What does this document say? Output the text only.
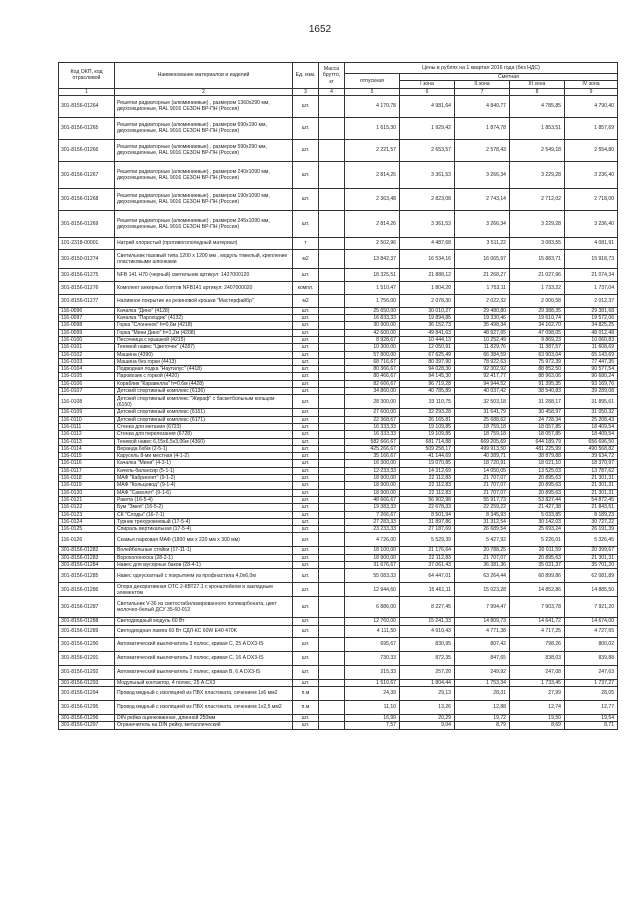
1652
Код ОКП, код отраслевой	Наименование материалов и изделий	Ед. изм.	Масса брутто, кг	Цены в рублях на 1 квартал 2016 года (без НДС)				
				отпускная	Сметная			
					I зона	II зона	III зона	IV зона
1	2	3	4	5	6	7	8	9
301-8156-01264	Решетки радиаторные (алюминиевые) , размером 1360х290 мм, двухсекционные, RAL 9016 СЕЗОН ВР-ПН (Россия)	шт.		4 170,78	4 981,64	4 840,77	4 785,85	4 790,40
301-8156-01265	Решетки радиаторные (алюминиевые) , размером 690х190 мм, двухсекционные, RAL 9016 СЕЗОН ВР-ПН (Россия)	шт.		1 615,30	1 929,42	1 874,78	1 853,51	1 857,69
301-8156-01266	Решетки радиаторные (алюминиевые) , размером 590х290 мм, двухсекционные, RAL 9016 СЕЗОН ВР-ПН (Россия)	шт.		2 221,57	2 653,57	2 578,43	2 549,18	2 554,80
301-8156-01267	Решетки радиаторные (алюминиевые) , размером 240х1090 мм, двухсекционные, RAL 9016 СЕЗОН ВР-ПН (Россия)	шт.		2 814,26	3 361,53	3 266,34	3 229,28	3 236,40
301-8156-01268	Решетки радиаторные (алюминиевые) , размером 190х1090 мм, двухсекционные, RAL 9016 СЕЗОН ВР-ПН (Россия)	шт.		2 363,48	2 823,08	2 743,14	2 712,02	2 718,00
301-8156-01269	Решетки радиаторные (алюминиевые) , размером 245х1090 мм, двухсекционные, RAL 9016 СЕЗОН ВР-ПН (Россия)	шт.		2 814,26	3 361,53	3 266,34	3 229,28	3 236,40
101-2318-00001	Натрий хлористый (противогололедный материал)	т		2 502,96	4 487,68	3 511,22	3 083,55	4 081,91
301-8150-01274	Светильник пазовый типа 1200 х 1200 мм , модуль тяжелый, крепление пластиковыми шпонками	м2		13 842,37	16 534,16	16 065,97	15 883,71	15 918,73
301-8156-01275	NFB 141 H70 (черный) светильник артикул: 1427000120	шт.		18 325,51	21 888,12	21 268,27	21 027,96	21 074,34
301-8156-01276	Комплект анкерных болтов NFB141 артикул: 2407000020	компл.		1 510,47	1 804,20	1 753,11	1 733,22	1 737,04
301-8156-01277	Наливное покрытие из резиновой крошки "Мастерфайбр"	м2		1 756,00	2 078,30	2 022,32	2 000,58	2 012,37
116-0096	Качалка "Дино" (4128)	шт.		25 650,00	30 010,27	29 480,80	29 388,35	29 381,68
116-0097	Качалка "Пароходик" (4132)	шт.		16 833,33	19 894,85	19 330,46	19 610,74	19 572,06
116-0098	Горка "Слоненок" h=0,6м (4218)	шт.		30 900,00	36 152,73	35 498,34	34 162,70	34 825,25
116-0099	Горка "Мини Дино" h=1,2м (4208)	шт.		42 600,00	49 841,63	48 927,65	47 098,05	48 012,48
116-0100	Песочница с крышкой (4215)	шт.		8 928,67	10 444,13	10 252,49	9 869,23	10 060,83
116-0101	Теневой навес "Цветочек" (4287)	шт.		10 300,00	12 050,91	11 829,76	11 387,57	11 608,69
116-0102	Машина (4390)	шт.		57 800,00	67 625,49	66 384,59	63 903,04	65 143,69
116-0103	Машина без горки (4413)	шт.		68 716,67	80 397,90	78 922,63	75 972,39	77 447,35
116-0104	Подводная лодка "Наутилус" (4418)	шт.		80 366,67	94 028,30	92 302,92	88 852,50	90 577,54
116-0105	Паровозик с горкой (4420)	шт.		80 466,67	94 145,30	92 417,77	88 963,06	90 680,24
116-0106	Кораблик "Каравелла" h=0,6м (4428)	шт.		82 666,67	96 719,28	94 944,52	91 395,35	93 169,76
116-0107	Детский спортивный комплекс (6136)	шт.		34 860,00	40 785,89	40 037,42	38 540,83	39 289,08
116-0108	Детский спортивный комплекс "Жираф" с баскетбольным кольцом (6150)	шт.		28 300,00	33 110,75	32 503,18	31 288,17	31 895,61
116-0109	Детский спортивный комплекс (6151)	шт.		27 600,00	32 293,28	31 641,79	30 458,97	31 050,32
116-0110	Детский спортивный комплекс (6171)	шт.		22 368,67	26 165,81	25 688,62	24 728,34	25 208,43
116-0111	Стенка для метания (6723)	шт.		16 333,33	19 109,85	18 759,18	18 057,85	18 409,54
116-0112	Стенка для перелезания (6728)	шт.		16 333,33	19 109,85	18 759,18	18 057,85	18 409,54
116-0113	Теневой навес 6,15х6,5х3,06м (4360)	шт.		582 666,67	681 714,88	669 205,69	644 189,79	656 696,50
116-0114	Веранда 6х6м (2-5-1)	шт.		425 266,67	509 258,17	499 913,50	481 225,99	490 568,82
116-0115	Карусель 8-ми местная (4-1-2)	шт.		35 166,67	41 144,69	40 389,71	38 879,88	39 634,72
116-0116	Качалка "Мини" (4-3-1)	шт.		16 300,00	19 070,85	18 720,91	18 021,10	18 370,97
116-0117	Качель-балансир (5-1-1)	шт.		12 233,33	14 312,69	14 050,05	13 525,03	13 787,62
116-0118	МАФ "Кабриолет" (9-1-2)	шт.		18 900,00	22 112,83	21 707,07	20 895,63	21 301,31
116-0119	МАФ "Кольцовод" (9-1-4)	шт.		18 900,00	22 112,83	21 707,07	20 895,63	21 301,31
116-0120	МАФ "Самолет" (9-1-6)	шт.		18 900,00	22 112,83	21 707,07	20 895,63	21 301,31
116-0121	Ракета (16-5-4)	шт.		48 666,67	56 902,98	55 917,73	53 827,44	54 872,45
116-0122	Бум "Змея" (16-5-2)	шт.		19 383,33	22 678,33	22 259,22	21 427,38	21 843,51
116-0123	СК "Слоды" (16-7-1)	шт.		7 266,67	8 501,94	8 345,93	5 033,85	8 189,23
116-0124	Турник трехуровневый (17-5-4)	шт.		27 283,33	31 897,86	31 312,54	30 142,03	30 727,22
116-0125	Спираль вертикальная (17-5-4)	шт.		23 233,33	27 187,69	26 689,54	25 693,24	26 191,39
116-0126	Скамья парковая МАФ (1800 мм х 220 мм х 300 мм)	шт.		4 726,00	5 529,39	5 427,92	5 226,01	5 326,45
301-8156-01282	Волейбольные стойки (17-11-1)	шт.		18 100,00	21 176,64	20 788,25	20 011,59	20 399,67
301-8156-01283	Ворохолоноска (28-2-1)	шт.		18 900,00	22 112,83	21 707,07	20 895,63	21 301,31
301-8156-01284	Навес для мусорных баков (28-4-1)	шт.		31 676,67	37 061,43	36 381,36	35 021,37	35 701,20
301-8156-01285	Навес однускатный с покрытием из профнастила 4,0х6,0м	шт.		55 083,33	64 447,01	63 264,44	60 899,86	62 081,89
301-8156-01286	Опора декоративная ОТС 2-КВТ27.1 с кронштейном и закладным элементом	шт.		12 944,60	15 461,11	15 023,28	14 852,86	14 885,50
301-8156-01287	Светильник V-36 из светостабилизированного поликарбоната, цвет молочно-белый ДСУ 35-60-012	шт.		6 886,00	8 227,45	7 994,47	7 903,78	7 921,20
301-8156-01288	Светодиодный модуль 60 Вт	шт.		12 760,00	15 241,33	14 809,73	14 641,72	14 674,00
301-8156-01289	Светодиодная лампа 60 Вт СДЛ-КС 60W E40 470K	шт.		4 111,50	4 910,43	4 771,38	4 717,25	4 727,65
301-8156-01290	Автоматический выключатель 3 полюс, кривая С, 25 A DX3-IS	шт.		695,67	830,95	807,42	798,26	800,02
301-8156-01291	Автоматический выключатель 3 полюс, кривая С, 16 A DX3-IS	шт.		730,33	872,35	847,65	838,03	839,88
301-8156-01292	Автоматический выключатель 1 полюс, кривая В, 6 A DX3-IS	шт.		215,33	257,20	249,92	247,08	247,63
301-8156-01293	Модульный контактор, 4 полюс, 25 A CX3	шт.		1 510,67	1 804,44	1 753,34	1 733,45	1 737,27
301-8156-01294	Провод медный с изоляцией из ПВХ пластиката, сечением 1х6 мм2	п.м		24,39	29,13	28,31	27,99	28,05
301-8156-01295	Провод медный с изоляцией из ПВХ пластиката, сечением 1х2,5 мм2	п.м		11,10	13,26	12,88	12,74	12,77
301-8156-01296	DIN рейка оцинкованная, длинной 250мм	шт.		16,99	20,29	19,72	19,50	19,54
301-8156-01297	Ограничитель на DIN рейку, металлический	шт.		7,57	9,04	8,79	8,69	8,71
